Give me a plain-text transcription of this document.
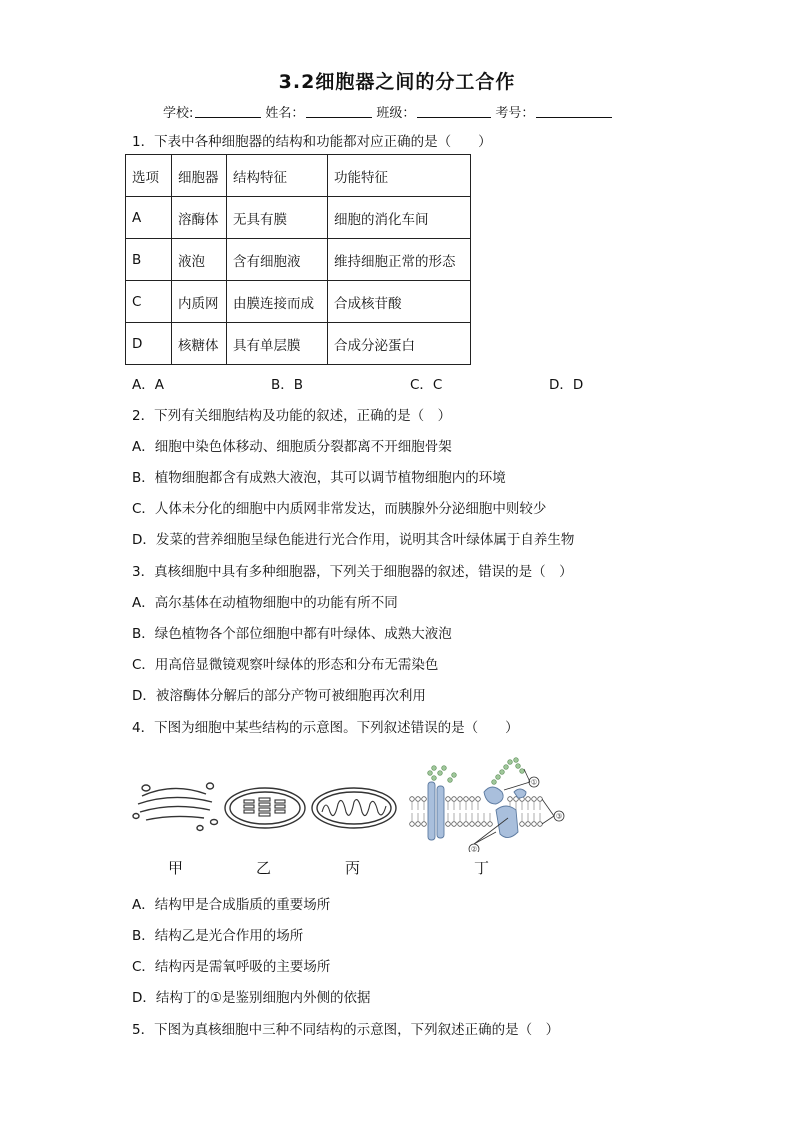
3.2细胞器之间的分工合作
学校:	姓名：	班级：	考号：
1．下表中各种细胞器的结构和功能都对应正确的是（　　）
选项	细胞器	结构特征	功能特征
A	溶酶体	无具有膜	细胞的消化车间
B	液泡	含有细胞液	维持细胞正常的形态
C	内质网	由膜连接而成	合成核苷酸
D	核糖体	具有单层膜	合成分泌蛋白
A．A	B．B	C．C	D．D
2．下列有关细胞结构及功能的叙述，正确的是（　）
A．细胞中染色体移动、细胞质分裂都离不开细胞骨架
B．植物细胞都含有成熟大液泡，其可以调节植物细胞内的环境
C．人体未分化的细胞中内质网非常发达，而胰腺外分泌细胞中则较少
D．发菜的营养细胞呈绿色能进行光合作用，说明其含叶绿体属于自养生物
3．真核细胞中具有多种细胞器，下列关于细胞器的叙述，错误的是（　）
A．高尔基体在动植物细胞中的功能有所不同
B．绿色植物各个部位细胞中都有叶绿体、成熟大液泡
C．用高倍显微镜观察叶绿体的形态和分布无需染色
D．被溶酶体分解后的部分产物可被细胞再次利用
4．下图为细胞中某些结构的示意图。下列叙述错误的是（　　）
①
②
③
甲	乙	丙	丁
A．结构甲是合成脂质的重要场所
B．结构乙是光合作用的场所
C．结构丙是需氧呼吸的主要场所
D．结构丁的①是鉴别细胞内外侧的依据
5．下图为真核细胞中三种不同结构的示意图，下列叙述正确的是（　）
